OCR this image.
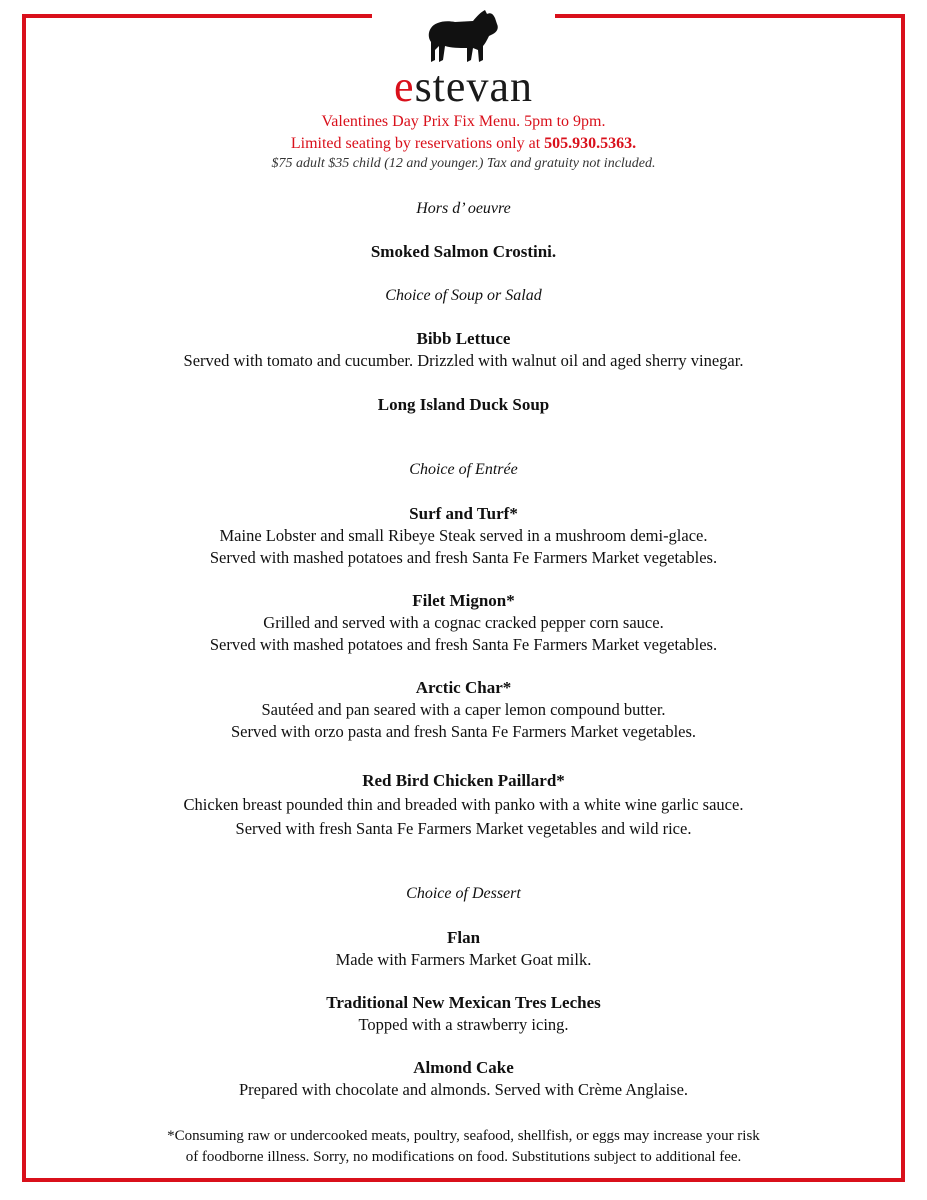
estevan
Valentines Day Prix Fix Menu. 5pm to 9pm.
Limited seating by reservations only at 505.930.5363.
$75 adult $35 child (12 and younger.) Tax and gratuity not included.
Hors d’ oeuvre
Smoked Salmon Crostini.
Choice of Soup or Salad
Bibb Lettuce
Served with tomato and cucumber. Drizzled with walnut oil and aged sherry vinegar.
Long Island Duck Soup
Choice of Entrée
Surf and Turf*
Maine Lobster and small Ribeye Steak served in a mushroom demi-glace.
Served with mashed potatoes and fresh Santa Fe Farmers Market vegetables.
Filet Mignon*
Grilled and served with a cognac cracked pepper corn sauce.
Served with mashed potatoes and fresh Santa Fe Farmers Market vegetables.
Arctic Char*
Sautéed and pan seared with a caper lemon compound butter.
Served with orzo pasta and fresh Santa Fe Farmers Market vegetables.
Red Bird Chicken Paillard*
Chicken breast pounded thin and breaded with panko with a white wine garlic sauce.
Served with fresh Santa Fe Farmers Market vegetables and wild rice.
Choice of Dessert
Flan
Made with Farmers Market Goat milk.
Traditional New Mexican Tres Leches
Topped with a strawberry icing.
Almond Cake
Prepared with chocolate and almonds. Served with Crème Anglaise.
*Consuming raw or undercooked meats, poultry, seafood, shellfish, or eggs may increase your risk
of foodborne illness. Sorry, no modifications on food. Substitutions subject to additional fee.
